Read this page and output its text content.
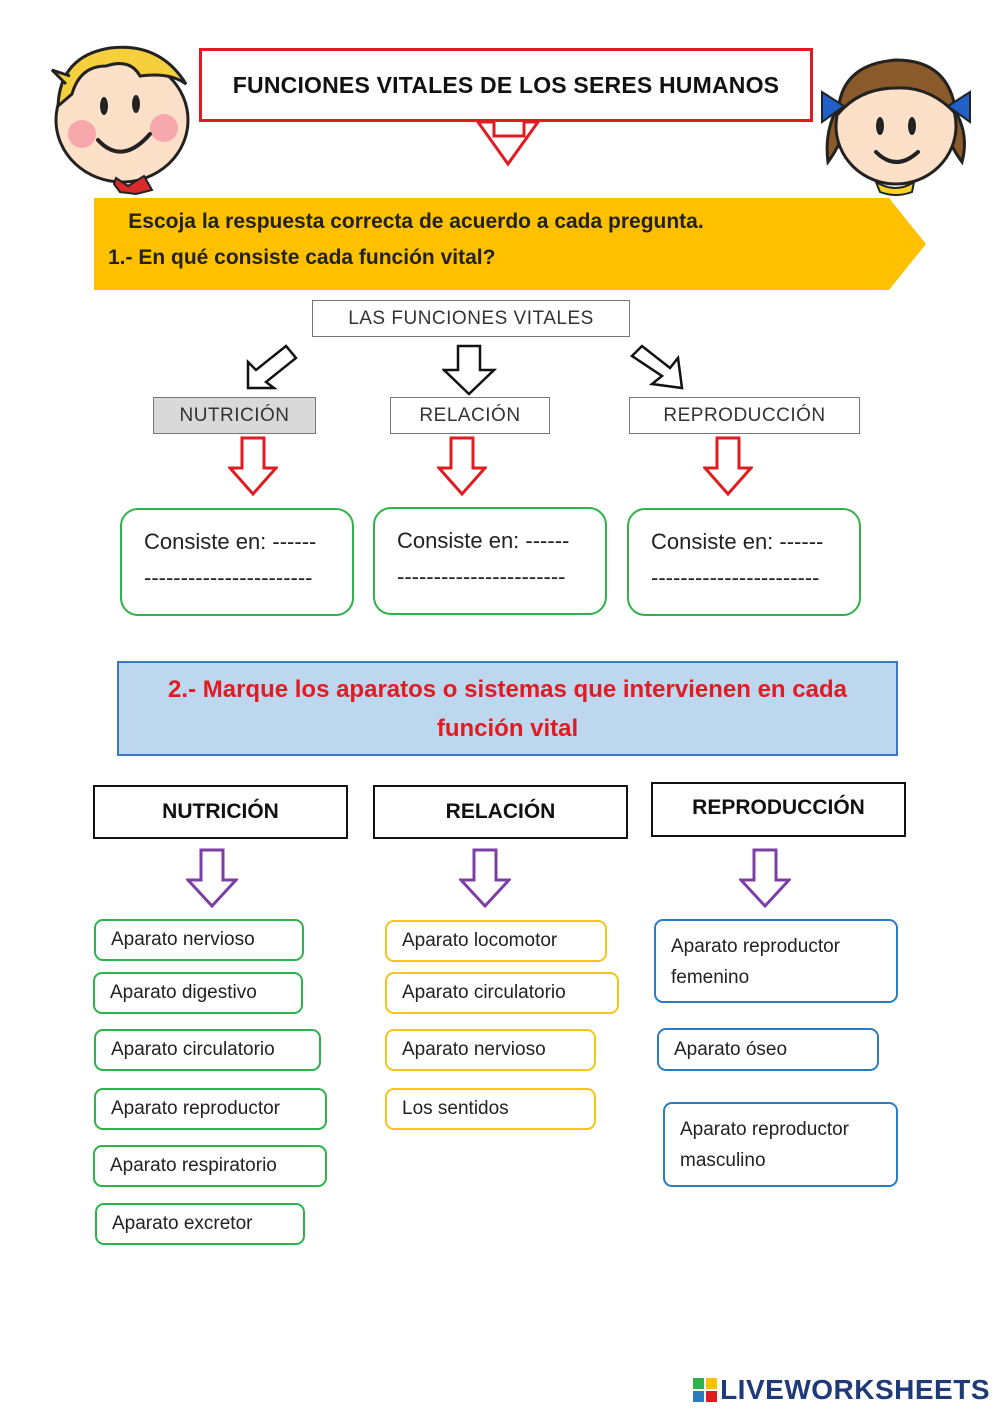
FUNCIONES VITALES DE LOS SERES HUMANOS
Escoja la respuesta correcta de acuerdo a cada pregunta.
1.- En qué consiste cada función vital?
LAS FUNCIONES VITALES
NUTRICIÓN	RELACIÓN	REPRODUCCIÓN
Consiste en: ------
-----------------------
Consiste en: ------
-----------------------
Consiste en: ------
-----------------------
2.- Marque los aparatos o sistemas que intervienen en cada
función vital
NUTRICIÓN	RELACIÓN	REPRODUCCIÓN
Aparato nervioso
Aparato digestivo
Aparato circulatorio
Aparato reproductor
Aparato respiratorio
Aparato excretor
Aparato locomotor
Aparato circulatorio
Aparato nervioso
Los sentidos
Aparato reproductor
femenino
Aparato óseo
Aparato reproductor
masculino
LIVEWORKSHEETS
